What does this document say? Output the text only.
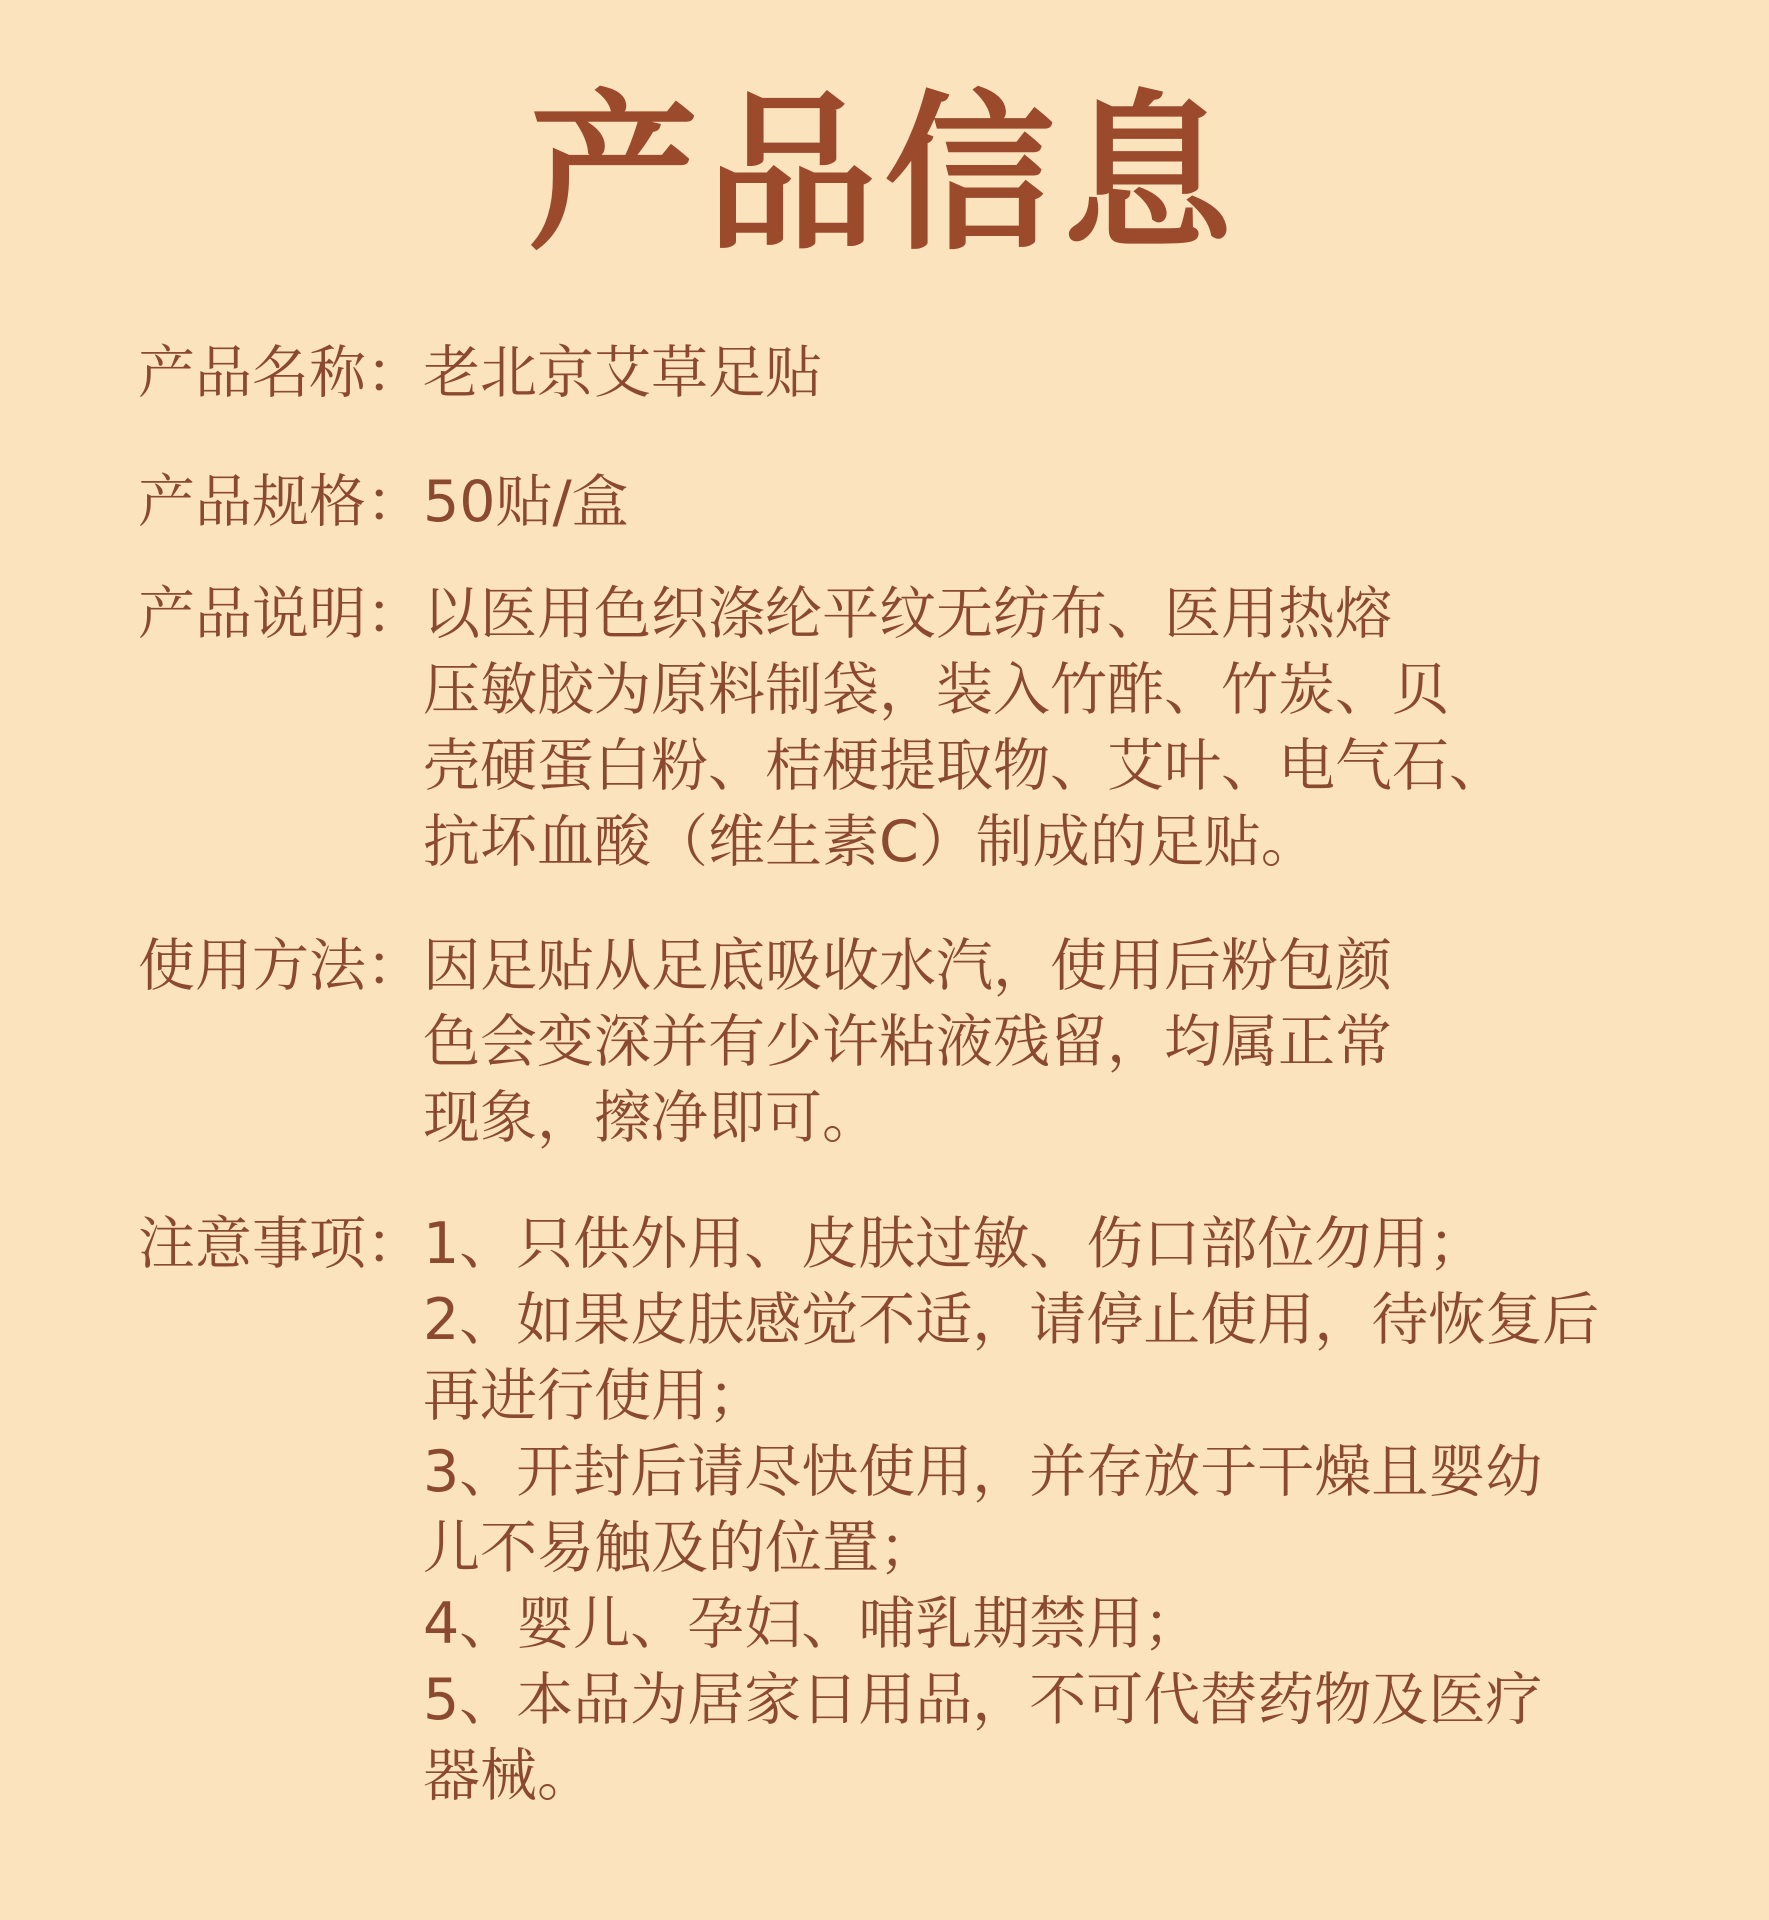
产品信息
产品名称： 老北京艾草足贴
产品规格： 50贴/盒
产品说明： 以医用色织涤纶平纹无纺布、医用热熔
压敏胶为原料制袋，装入竹酢、竹炭、贝
壳硬蛋白粉、桔梗提取物、艾叶、电气石、
抗坏血酸（维生素C）制成的足贴。
使用方法： 因足贴从足底吸收水汽，使用后粉包颜
色会变深并有少许粘液残留，均属正常
现象，擦净即可。
注意事项： 1、只供外用、皮肤过敏、伤口部位勿用；
2、如果皮肤感觉不适，请停止使用，待恢复后
再进行使用；
3、开封后请尽快使用，并存放于干燥且婴幼
儿不易触及的位置；
4、婴儿、孕妇、哺乳期禁用；
5、本品为居家日用品，不可代替药物及医疗
器械。
